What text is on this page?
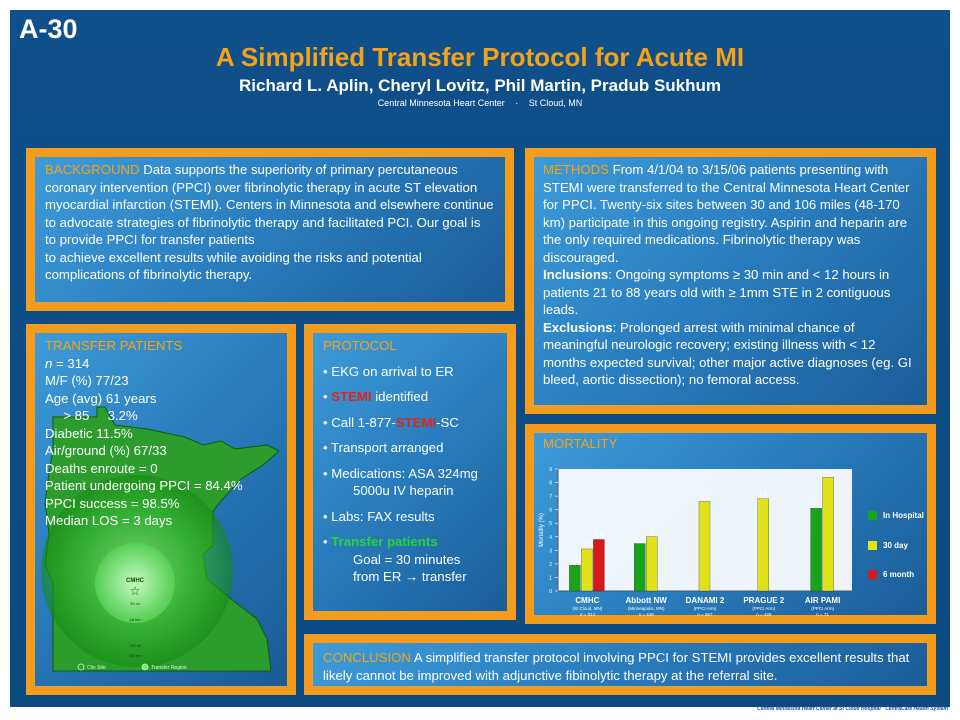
A-30
A Simplified Transfer Protocol for Acute MI
Richard L. Aplin, Cheryl Lovitz, Phil Martin, Pradub Sukhum
Central Minnesota Heart Center · St Cloud, MN
BACKGROUND Data supports the superiority of primary percutaneous coronary intervention (PPCI) over fibrinolytic therapy in acute ST elevation myocardial infarction (STEMI). Centers in Minnesota and elsewhere continue to advocate strategies of fibrinolytic therapy and facilitated PCI. Our goal is to provide PPCI for transfer patients
to achieve excellent results while avoiding the risks and potential complications of fibrinolytic therapy.
METHODS From 4/1/04 to 3/15/06 patients presenting with STEMI were transferred to the Central Minnesota Heart Center for PPCI. Twenty-six sites between 30 and 106 miles (48-170 km) participate in this ongoing registry. Aspirin and heparin are the only required medications. Fibrinolytic therapy was discouraged.
Inclusions: Ongoing symptoms ≥ 30 min and < 12 hours in patients 21 to 88 years old with ≥ 1mm STE in 2 contiguous leads.
Exclusions: Prolonged arrest with minimal chance of meaningful neurologic recovery; existing illness with < 12 months expected survival; other major active diagnoses (eg. GI bleed, aortic dissection); no femoral access.
CMHC
☆
30 mi
48 km
100 mi
160 km
Clin Site	Transfer Region
TRANSFER PATIENTS
n = 314
M/F (%) 77/23
Age (avg) 61 years
> 85     3.2%
Diabetic 11.5%
Air/ground (%) 67/33
Deaths enroute = 0
Patient undergoing PPCI = 84.4%
PPCI success = 98.5%
Median LOS = 3 days
PROTOCOL
• EKG on arrival to ER
• STEMI identified
• Call 1-877-STEMI-SC
• Transport arranged
• Medications: ASA 324mg
5000u IV heparin
• Labs: FAX results
• Transfer patients
Goal = 30 minutes
from ER → transfer
MORTALITY
0
1
2
3
4
5
6
7
8
9
Mortality (%)
1.9
3.1
3.8
CMHC
(St Cloud, MN)
n = 314
3.5
4
Abbott NW
(Minneapolis, MN)
n = 448
6.6
DANAMI 2
(PPCI Arm)
n = 567
6.8
PRAGUE 2
(PPCI Arm)
n = 429
6.1
8.4
AIR PAMI
(PPCI Arm)
n = 71
In Hospital
30 day
6 month
CONCLUSION A simplified transfer protocol involving PPCI for STEMI provides excellent results that likely cannot be improved with adjunctive fibinolytic therapy at the referral site.
Central Minnesota Heart Center at St Cloud Hospital · CentraCare Health System
